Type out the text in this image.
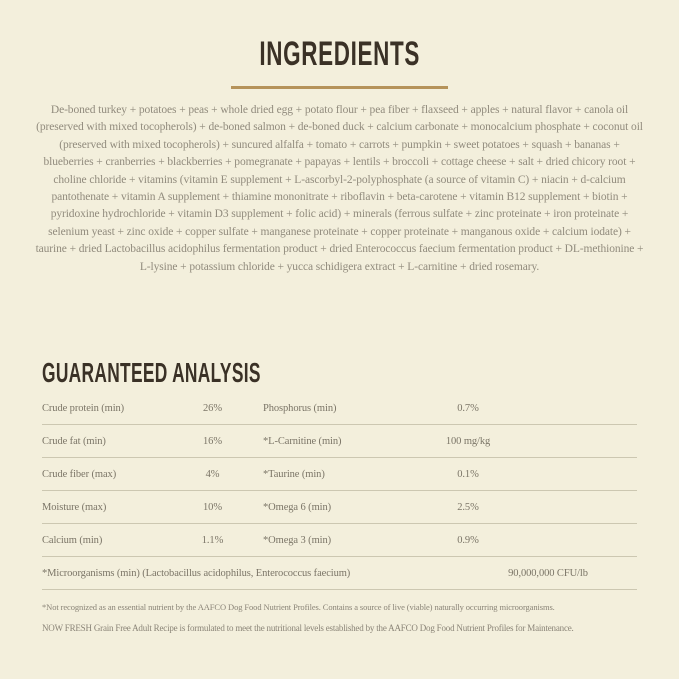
INGREDIENTS

De-boned turkey + potatoes + peas + whole dried egg + potato flour + pea fiber + flaxseed + apples + natural flavor + canola oil (preserved with mixed tocopherols) + de-boned salmon + de-boned duck + calcium carbonate + monocalcium phosphate + coconut oil (preserved with mixed tocopherols) + suncured alfalfa + tomato + carrots + pumpkin + sweet potatoes + squash + bananas + blueberries + cranberries + blackberries + pomegranate + papayas + lentils + broccoli + cottage cheese + salt + dried chicory root + choline chloride + vitamins (vitamin E supplement + L-ascorbyl-2-polyphosphate (a source of vitamin C) + niacin + d-calcium pantothenate + vitamin A supplement + thiamine mononitrate + riboflavin + beta-carotene + vitamin B12 supplement + biotin + pyridoxine hydrochloride + vitamin D3 supplement + folic acid) + minerals (ferrous sulfate + zinc proteinate + iron proteinate + selenium yeast + zinc oxide + copper sulfate + manganese proteinate + copper proteinate + manganous oxide + calcium iodate) + taurine + dried Lactobacillus acidophilus fermentation product + dried Enterococcus faecium fermentation product + DL-methionine + L-lysine + potassium chloride + yucca schidigera extract + L-carnitine + dried rosemary.

GUARANTEED ANALYSIS
Crude protein (min)	26%	Phosphorus (min)	0.7%
Crude fat (min)	16%	*L-Carnitine (min)	100 mg/kg
Crude fiber (max)	4%	*Taurine (min)	0.1%
Moisture (max)	10%	*Omega 6 (min)	2.5%
Calcium (min)	1.1%	*Omega 3 (min)	0.9%
*Microorganisms (min) (Lactobacillus acidophilus, Enterococcus faecium)	90,000,000 CFU/lb

*Not recognized as an essential nutrient by the AAFCO Dog Food Nutrient Profiles. Contains a source of live (viable) naturally occurring microorganisms.

NOW FRESH Grain Free Adult Recipe is formulated to meet the nutritional levels established by the AAFCO Dog Food Nutrient Profiles for Maintenance.
